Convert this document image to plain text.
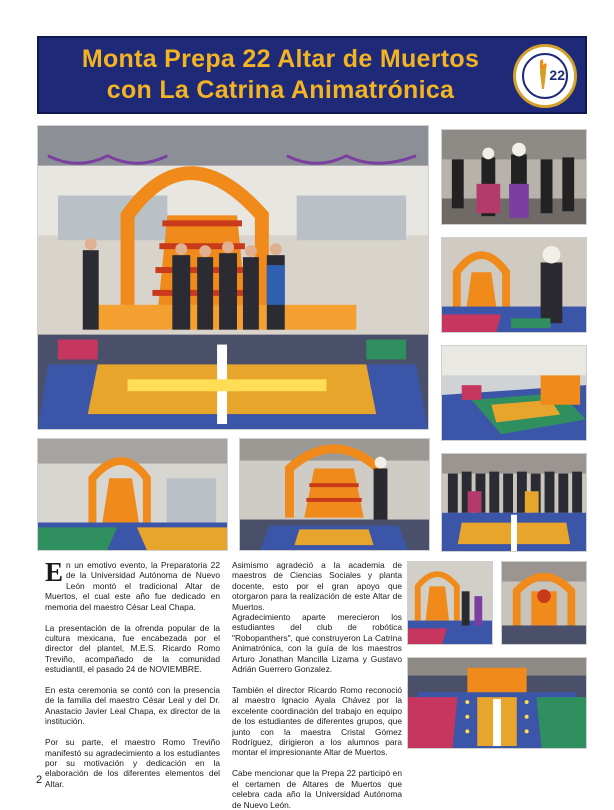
Monta Prepa 22 Altar de Muertos
con La Catrina Animatrónica
22

E n un emotivo evento, la Preparatoria 22 de la Universidad Autónoma de Nuevo León montó el tradicional Altar de Muertos, el cual este año fue dedicado en memoria del maestro César Leal Chapa.

La presentación de la ofrenda popular de la cultura mexicana, fue encabezada por el director del plantel, M.E.S. Ricardo Romo Treviño, acompañado de la comunidad estudiantil, el pasado 24 de NOVIEMBRE.

En esta ceremonia se contó con la presencia de la familia del maestro César Leal y del Dr. Anastacio Javier Leal Chapa, ex director de la institución.

Por su parte, el maestro Romo Treviño manifestó su agradecimiento a los estudiantes por su motivación y dedicación en la elaboración de los diferentes elementos del Altar.

Asimismo agradeció a la academia de maestros de Ciencias Sociales y planta docente, esto por el gran apoyo que otorgaron para la realización de este Altar de Muertos.

Agradecimiento aparte merecieron los estudiantes del club de robótica "Robopanthers", que construyeron La Catrina Animatrónica, con la guía de los maestros Arturo Jonathan Mancilla Lizama y Gustavo Adrián Guerrero Gonzalez.

También el director Ricardo Romo reconoció al maestro Ignacio Ayala Chávez por la excelente coordinación del trabajo en equipo de los estudiantes de diferentes grupos, que junto con la maestra Cristal Gómez Rodríguez, dirigieron a los alumnos para montar el impresionante Altar de Muertos.

Cabe mencionar que la Prepa 22 participó en el certamen de Altares de Muertos que celebra cada año la Universidad Autónoma de Nuevo León.

2
